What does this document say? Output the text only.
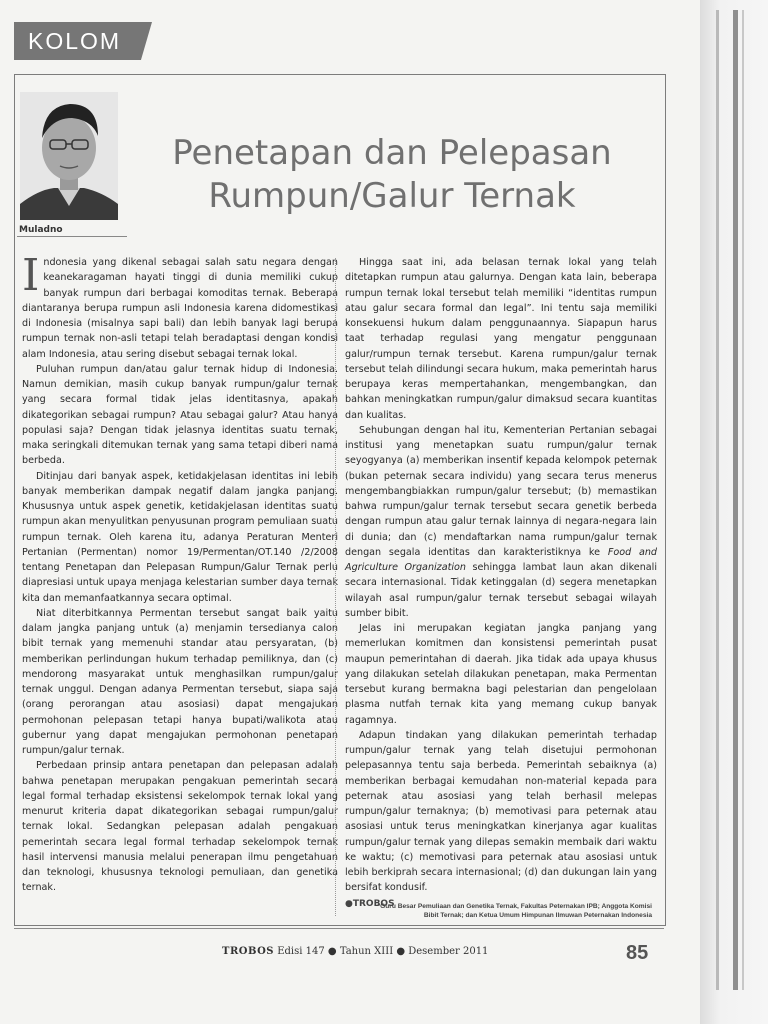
KOLOM
Muladno
Penetapan dan Pelepasan
Rumpun/Galur Ternak

Indonesia yang dikenal sebagai salah satu negara dengan keanekaragaman hayati tinggi di dunia memiliki cukup banyak rumpun dari berbagai komoditas ternak. Beberapa diantaranya berupa rumpun asli Indonesia karena didomestikasi di Indonesia (misalnya sapi bali) dan lebih banyak lagi berupa rumpun ternak non-asli tetapi telah beradaptasi dengan kondisi alam Indonesia, atau sering disebut sebagai ternak lokal.

Puluhan rumpun dan/atau galur ternak hidup di Indonesia. Namun demikian, masih cukup banyak rumpun/galur ternak yang secara formal tidak jelas identitasnya, apakah dikategorikan sebagai rumpun? Atau sebagai galur? Atau hanya populasi saja? Dengan tidak jelasnya identitas suatu ternak, maka seringkali ditemukan ternak yang sama tetapi diberi nama berbeda.

Ditinjau dari banyak aspek, ketidakjelasan identitas ini lebih banyak memberikan dampak negatif dalam jangka panjang. Khususnya untuk aspek genetik, ketidakjelasan identitas suatu rumpun akan menyulitkan penyusunan program pemuliaan suatu rumpun ternak. Oleh karena itu, adanya Peraturan Menteri Pertanian (Permentan) nomor 19/Permentan/OT.140 /2/2008 tentang Penetapan dan Pelepasan Rumpun/Galur Ternak perlu diapresiasi untuk upaya menjaga kelestarian sumber daya ternak kita dan memanfaatkannya secara optimal.

Niat diterbitkannya Permentan tersebut sangat baik yaitu dalam jangka panjang untuk (a) menjamin tersedianya calon bibit ternak yang memenuhi standar atau persyaratan, (b) memberikan perlindungan hukum terhadap pemiliknya, dan (c) mendorong masyarakat untuk menghasilkan rumpun/galur ternak unggul. Dengan adanya Permentan tersebut, siapa saja (orang perorangan atau asosiasi) dapat mengajukan permohonan pelepasan tetapi hanya bupati/walikota atau gubernur yang dapat mengajukan permohonan penetapan rumpun/galur ternak.

Perbedaan prinsip antara penetapan dan pelepasan adalah bahwa penetapan merupakan pengakuan pemerintah secara legal formal terhadap eksistensi sekelompok ternak lokal yang menurut kriteria dapat dikategorikan sebagai rumpun/galur ternak lokal. Sedangkan pelepasan adalah pengakuan pemerintah secara legal formal terhadap sekelompok ternak hasil intervensi manusia melalui penerapan ilmu pengetahuan dan teknologi, khususnya teknologi pemuliaan, dan genetika ternak.

Hingga saat ini, ada belasan ternak lokal yang telah ditetapkan rumpun atau galurnya. Dengan kata lain, beberapa rumpun ternak lokal tersebut telah memiliki “identitas rumpun atau galur secara formal dan legal”. Ini tentu saja memiliki konsekuensi hukum dalam penggunaannya. Siapapun harus taat terhadap regulasi yang mengatur penggunaan galur/rumpun ternak tersebut. Karena rumpun/galur ternak tersebut telah dilindungi secara hukum, maka pemerintah harus berupaya keras mempertahankan, mengembangkan, dan bahkan meningkatkan rumpun/galur dimaksud secara kuantitas dan kualitas.

Sehubungan dengan hal itu, Kementerian Pertanian sebagai institusi yang menetapkan suatu rumpun/galur ternak seyogyanya (a) memberikan insentif kepada kelompok peternak (bukan peternak secara individu) yang secara terus menerus mengembangbiakkan rumpun/galur tersebut; (b) memastikan bahwa rumpun/galur ternak tersebut secara genetik berbeda dengan rumpun atau galur ternak lainnya di negara-negara lain di dunia; dan (c) mendaftarkan nama rumpun/galur ternak dengan segala identitas dan karakteristiknya ke Food and Agriculture Organization sehingga lambat laun akan dikenali secara internasional. Tidak ketinggalan (d) segera menetapkan wilayah asal rumpun/galur ternak tersebut sebagai wilayah sumber bibit.

Jelas ini merupakan kegiatan jangka panjang yang memerlukan komitmen dan konsistensi pemerintah pusat maupun pemerintahan di daerah. Jika tidak ada upaya khusus yang dilakukan setelah dilakukan penetapan, maka Permentan tersebut kurang bermakna bagi pelestarian dan pengelolaan plasma nutfah ternak kita yang memang cukup banyak ragamnya.

Adapun tindakan yang dilakukan pemerintah terhadap rumpun/galur ternak yang telah disetujui permohonan pelepasannya tentu saja berbeda. Pemerintah sebaiknya (a) memberikan berbagai kemudahan non-material kepada para peternak atau asosiasi yang telah berhasil melepas rumpun/galur ternaknya; (b) memotivasi para peternak atau asosiasi untuk terus meningkatkan kinerjanya agar kualitas rumpun/galur ternak yang dilepas semakin membaik dari waktu ke waktu; (c) memotivasi para peternak atau asosiasi untuk lebih berkiprah secara internasional; (d) dan dukungan lain yang bersifat kondusif.
●TROBOS

*Guru Besar Pemuliaan dan Genetika Ternak, Fakultas Peternakan IPB; Anggota Komisi
Bibit Ternak; dan Ketua Umum Himpunan Ilmuwan Peternakan Indonesia
TROBOS Edisi 147 ● Tahun XIII ● Desember 2011	85
